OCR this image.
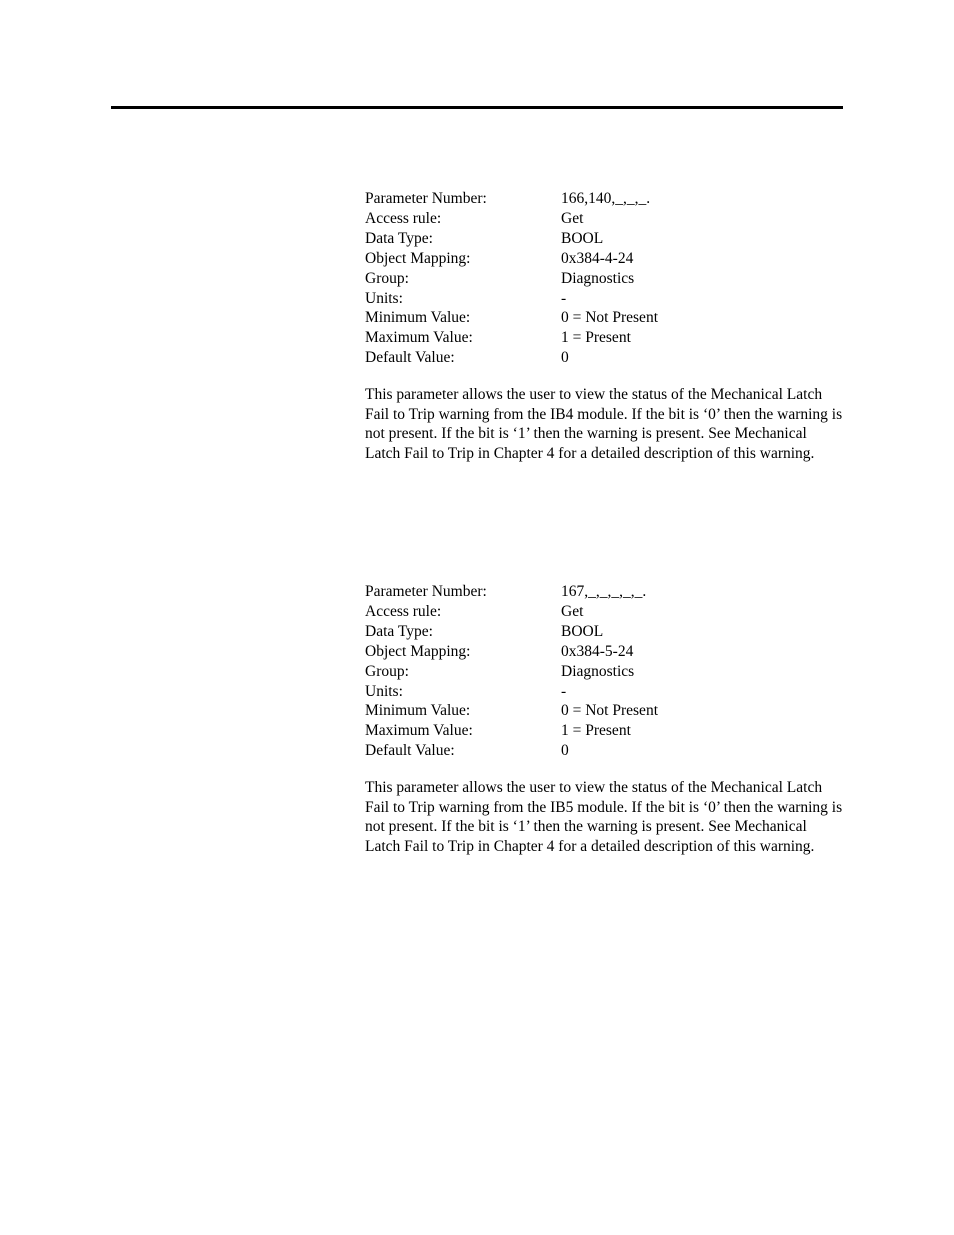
Parameter Number:	166,140,_,_,_.
Access rule:	Get
Data Type:	BOOL
Object Mapping:	0x384-4-24
Group:	Diagnostics
Units:	-
Minimum Value:	0 = Not Present
Maximum Value:	1 = Present
Default Value:	0

This parameter allows the user to view the status of the Mechanical Latch Fail to Trip warning from the IB4 module. If the bit is ‘0’ then the warning is not present. If the bit is ‘1’ then the warning is present. See Mechanical Latch Fail to Trip in Chapter 4 for a detailed description of this warning.

Parameter Number:	167,_,_,_,_,_.
Access rule:	Get
Data Type:	BOOL
Object Mapping:	0x384-5-24
Group:	Diagnostics
Units:	-
Minimum Value:	0 = Not Present
Maximum Value:	1 = Present
Default Value:	0

This parameter allows the user to view the status of the Mechanical Latch Fail to Trip warning from the IB5 module. If the bit is ‘0’ then the warning is not present. If the bit is ‘1’ then the warning is present. See Mechanical Latch Fail to Trip in Chapter 4 for a detailed description of this warning.
